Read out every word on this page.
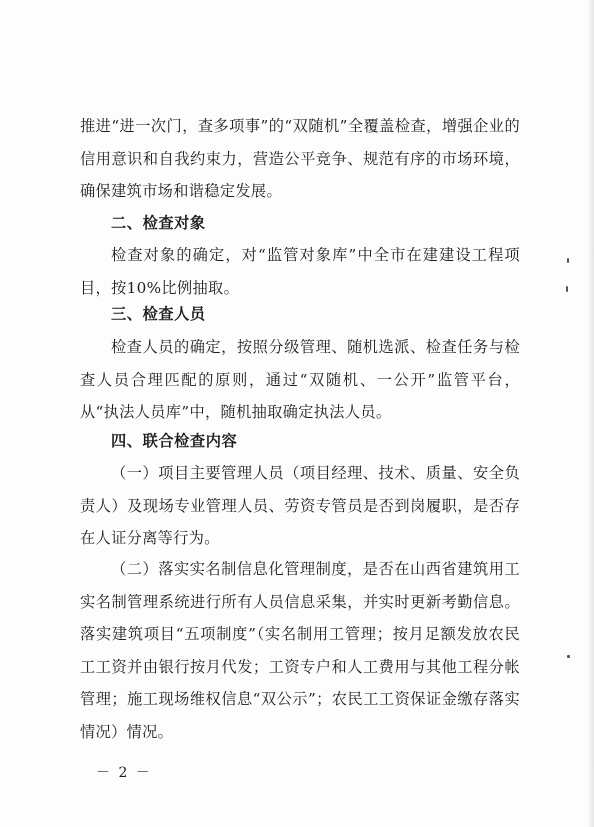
推进“进一次门，查多项事”的“双随机”全覆盖检查，增强企业的信用意识和自我约束力，营造公平竞争、规范有序的市场环境，确保建筑市场和谐稳定发展。
二、检查对象
检查对象的确定，对“监管对象库”中全市在建建设工程项目，按10%比例抽取。
三、检查人员
检查人员的确定，按照分级管理、随机选派、检查任务与检查人员合理匹配的原则，通过“双随机、一公开”监管平台，从“执法人员库”中，随机抽取确定执法人员。
四、联合检查内容
（一）项目主要管理人员（项目经理、技术、质量、安全负责人）及现场专业管理人员、劳资专管员是否到岗履职，是否存在人证分离等行为。
（二）落实实名制信息化管理制度，是否在山西省建筑用工实名制管理系统进行所有人员信息采集，并实时更新考勤信息。落实建筑项目“五项制度”（实名制用工管理；按月足额发放农民工工资并由银行按月代发；工资专户和人工费用与其他工程分帐管理；施工现场维权信息“双公示”；农民工工资保证金缴存落实情况）情况。
－ 2 －
